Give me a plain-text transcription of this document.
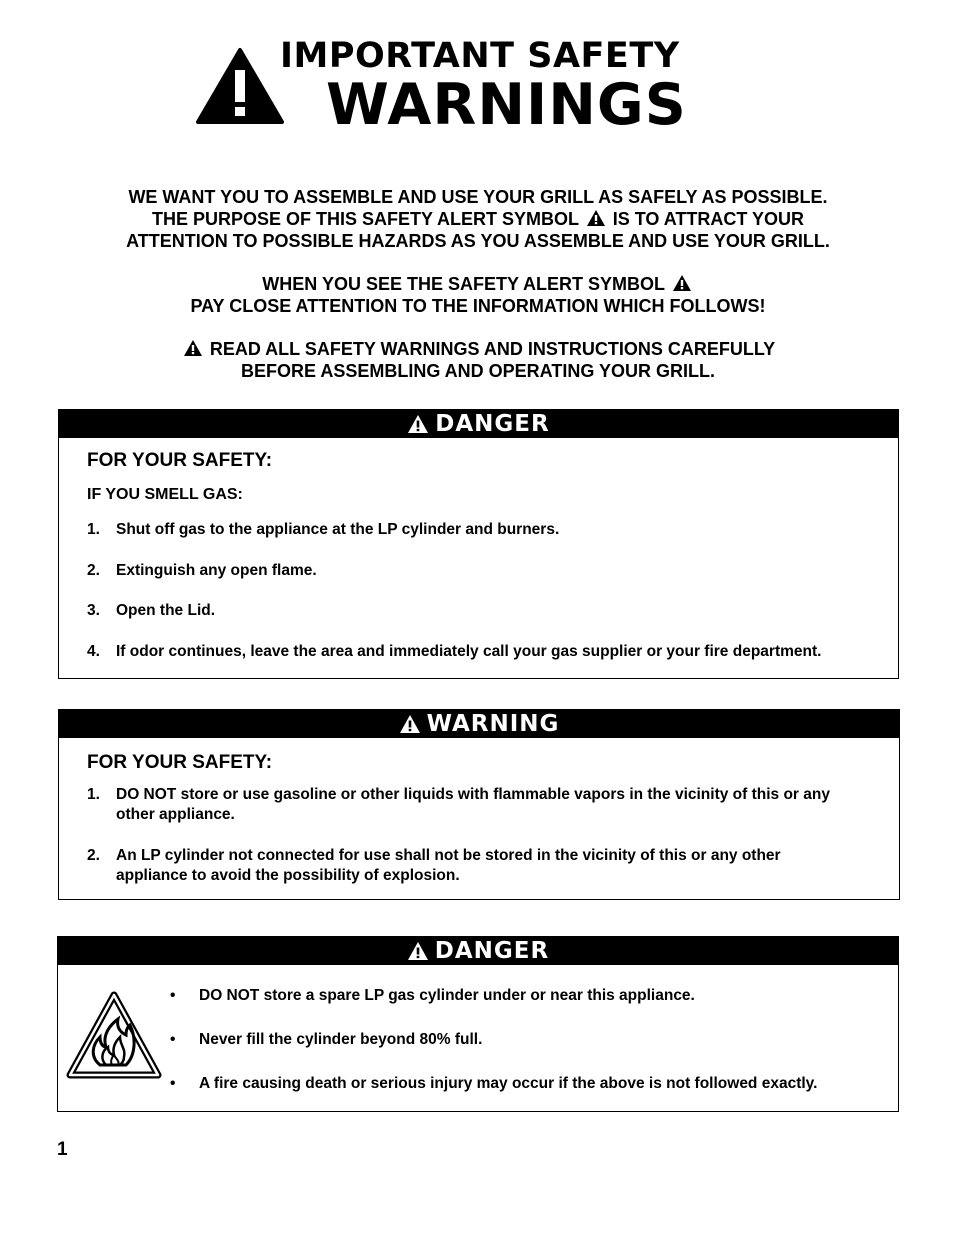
IMPORTANT SAFETY
WARNINGS

WE WANT YOU TO ASSEMBLE AND USE YOUR GRILL AS SAFELY AS POSSIBLE.
THE PURPOSE OF THIS SAFETY ALERT SYMBOL IS TO ATTRACT YOUR
ATTENTION TO POSSIBLE HAZARDS AS YOU ASSEMBLE AND USE YOUR GRILL.

WHEN YOU SEE THE SAFETY ALERT SYMBOL
PAY CLOSE ATTENTION TO THE INFORMATION WHICH FOLLOWS!

READ ALL SAFETY WARNINGS AND INSTRUCTIONS CAREFULLY
BEFORE ASSEMBLING AND OPERATING YOUR GRILL.

DANGER
FOR YOUR SAFETY:
IF YOU SMELL GAS:
1. Shut off gas to the appliance at the LP cylinder and burners.
2. Extinguish any open flame.
3. Open the Lid.
4. If odor continues, leave the area and immediately call your gas supplier or your fire department.
WARNING
FOR YOUR SAFETY:
1. DO NOT store or use gasoline or other liquids with flammable vapors in the vicinity of this or any other appliance.
2. An LP cylinder not connected for use shall not be stored in the vicinity of this or any other appliance to avoid the possibility of explosion.
DANGER
• DO NOT store a spare LP gas cylinder under or near this appliance.
• Never fill the cylinder beyond 80% full.
• A fire causing death or serious injury may occur if the above is not followed exactly.
1
